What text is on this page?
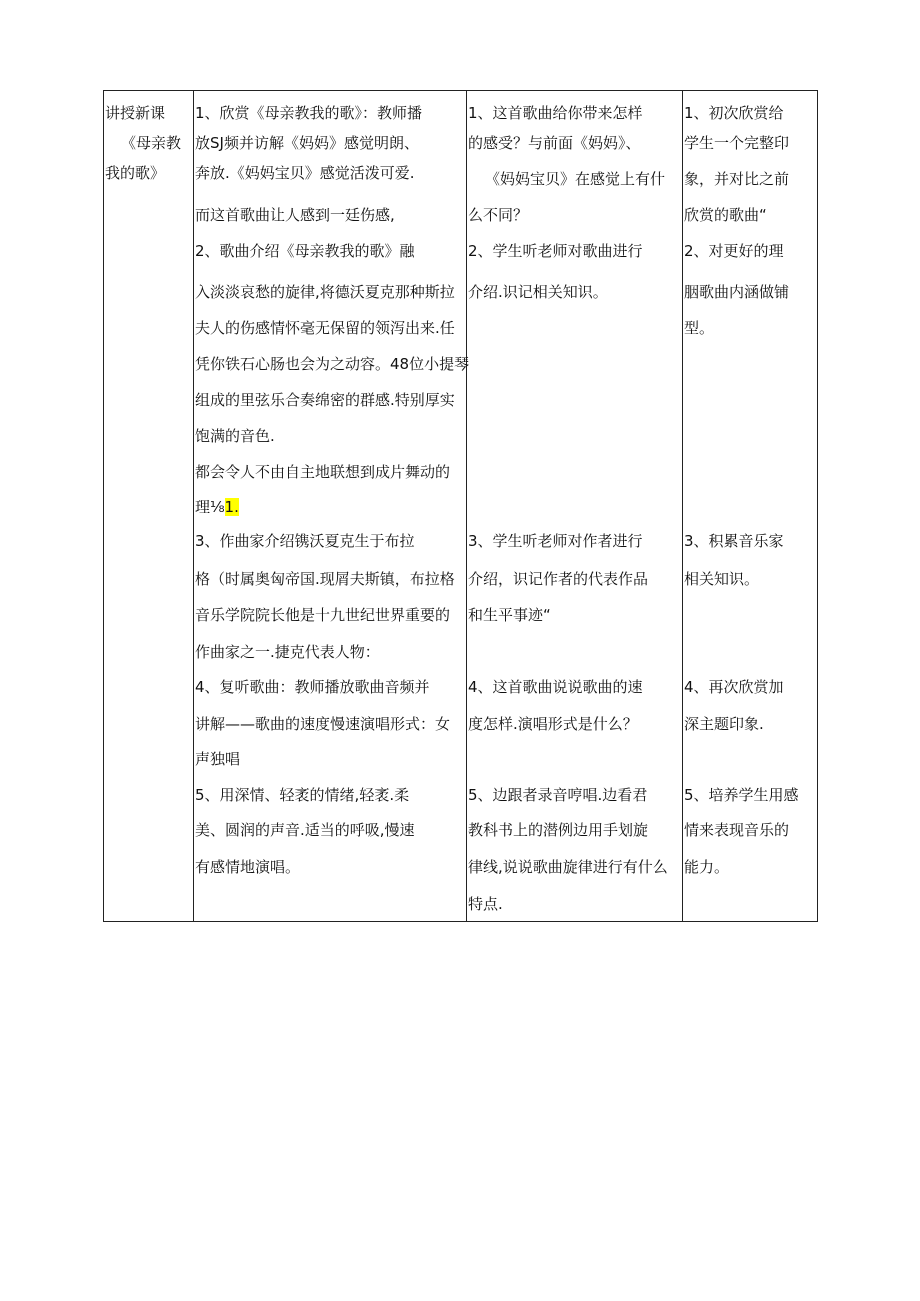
讲授新课
《母亲教
我的歌》

1、欣赏《母亲教我的歌》：教师播
放SJ频并访解《妈妈》感觉明朗、
奔放.《妈妈宝贝》感觉活泼可爱.
而这首歌曲让人感到一廷伤感,
2、歌曲介绍《母亲教我的歌》融
入淡淡哀愁的旋律,将德沃夏克那种斯拉
夫人的伤感情怀毫无保留的领泻出来.任
凭你铁石心肠也会为之动容。48位小提琴
组成的里弦乐合奏绵密的群感.特别厚实
饱满的音色.
都会令人不由自主地联想到成片舞动的
理⅛1.
3、作曲家介绍镌沃夏克生于布拉
格（时属奥匈帝国.现屑夫斯镇，布拉格
音乐学院院长他是十九世纪世界重要的
作曲家之一.捷克代表人物：
4、复听歌曲：教师播放歌曲音频并
讲解——歌曲的速度慢速演唱形式：女
声独唱
5、用深情、轻袤的情绪,轻袤.柔
美、圆润的声音.适当的呼吸,慢速
有感情地演唱。

1、这首歌曲给你带来怎样
的感受？与前面《妈妈》、
《妈妈宝贝》在感觉上有什
么不同？
2、学生听老师对歌曲进行
介绍.识记相关知识。
3、学生听老师对作者进行
介绍，识记作者的代表作品
和生平事迹“
4、这首歌曲说说歌曲的速
度怎样.演唱形式是什么？
5、边跟者录音哼唱.边看君
教科书上的潜例边用手划旋
律线,说说歌曲旋律进行有什么
特点.

1、初次欣赏给
学生一个完整印
象，并对比之前
欣赏的歌曲“
2、对更好的理
胭歌曲内涵做铺
型。
3、积累音乐家
相关知识。
4、再次欣赏加
深主题印象.
5、培养学生用感
情来表现音乐的
能力。
